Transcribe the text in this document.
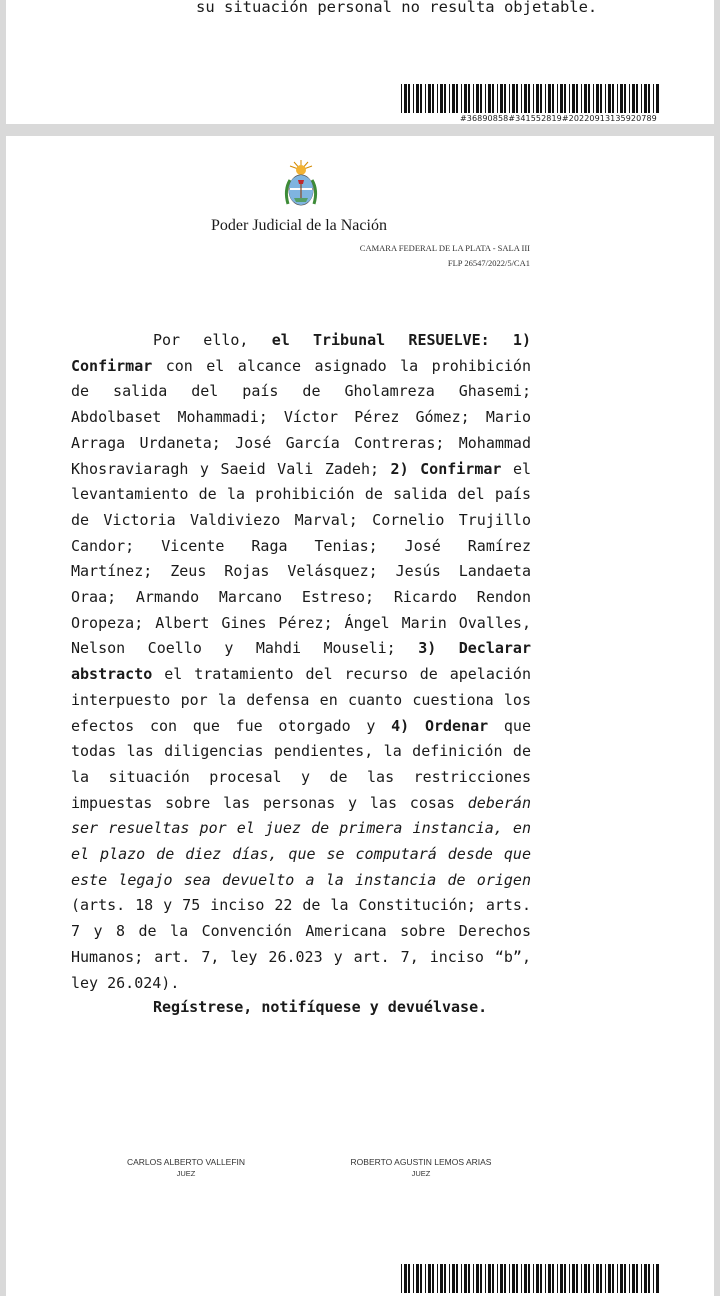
su situación personal no resulta objetable.
#36890858#341552819#20220913135920789
Poder Judicial de la Nación
CAMARA FEDERAL DE LA PLATA - SALA III
FLP 26547/2022/5/CA1
Por ello, el Tribunal RESUELVE: 1) Confirmar con el alcance asignado la prohibición de salida del país de Gholamreza Ghasemi; Abdolbaset Mohammadi; Víctor Pérez Gómez; Mario Arraga Urdaneta; José García Contreras; Mohammad Khosraviaragh y Saeid Vali Zadeh; 2) Confirmar el levantamiento de la prohibición de salida del país de Victoria Valdiviezo Marval; Cornelio Trujillo Candor; Vicente Raga Tenias; José Ramírez Martínez; Zeus Rojas Velásquez; Jesús Landaeta Oraa; Armando Marcano Estreso; Ricardo Rendon Oropeza; Albert Gines Pérez; Ángel Marin Ovalles, Nelson Coello y Mahdi Mouseli; 3) Declarar abstracto el tratamiento del recurso de apelación interpuesto por la defensa en cuanto cuestiona los efectos con que fue otorgado y 4) Ordenar que todas las diligencias pendientes, la definición de la situación procesal y de las restricciones impuestas sobre las personas y las cosas deberán ser resueltas por el juez de primera instancia, en el plazo de diez días, que se computará desde que este legajo sea devuelto a la instancia de origen (arts. 18 y 75 inciso 22 de la Constitución; arts. 7 y 8 de la Convención Americana sobre Derechos Humanos; art. 7, ley 26.023 y art. 7, inciso “b”, ley 26.024).
Regístrese, notifíquese y devuélvase.
CARLOS ALBERTO VALLEFIN
JUEZ
ROBERTO AGUSTIN LEMOS ARIAS
JUEZ
